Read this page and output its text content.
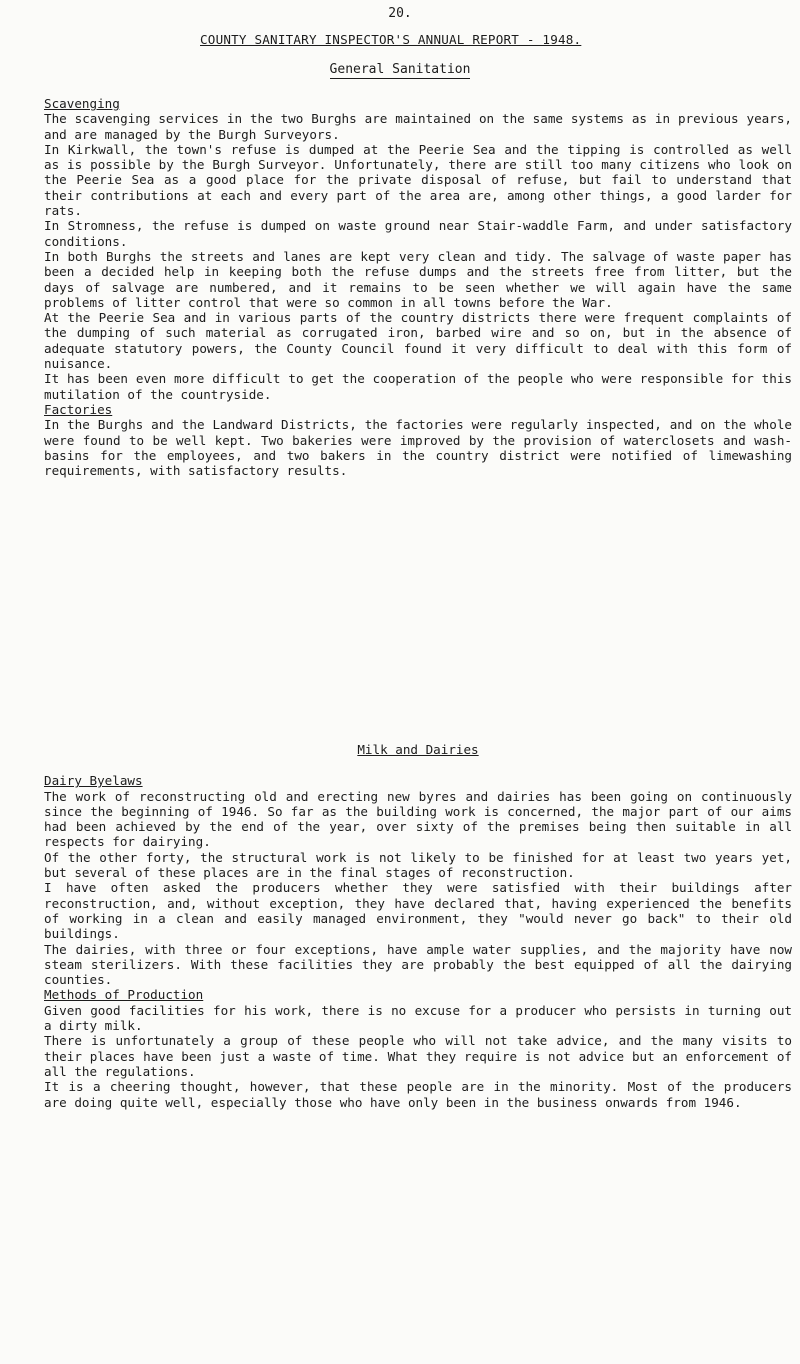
20.
COUNTY SANITARY INSPECTOR'S ANNUAL REPORT - 1948.
General Sanitation
Scavenging

The scavenging services in the two Burghs are maintained on the same systems as in previous years, and are managed by the Burgh Surveyors.

In Kirkwall, the town's refuse is dumped at the Peerie Sea and the tipping is controlled as well as is possible by the Burgh Surveyor. Unfortunately, there are still too many citizens who look on the Peerie Sea as a good place for the private disposal of refuse, but fail to understand that their contributions at each and every part of the area are, among other things, a good larder for rats.

In Stromness, the refuse is dumped on waste ground near Stair-waddle Farm, and under satisfactory conditions.

In both Burghs the streets and lanes are kept very clean and tidy. The salvage of waste paper has been a decided help in keeping both the refuse dumps and the streets free from litter, but the days of salvage are numbered, and it remains to be seen whether we will again have the same problems of litter control that were so common in all towns before the War.

At the Peerie Sea and in various parts of the country districts there were frequent complaints of the dumping of such material as corrugated iron, barbed wire and so on, but in the absence of adequate statutory powers, the County Council found it very difficult to deal with this form of nuisance.

It has been even more difficult to get the cooperation of the people who were responsible for this mutilation of the countryside.

Factories

In the Burghs and the Landward Districts, the factories were regularly inspected, and on the whole were found to be well kept. Two bakeries were improved by the provision of waterclosets and wash-basins for the employees, and two bakers in the country district were notified of limewashing requirements, with satisfactory results.

Milk and Dairies
Dairy Byelaws

The work of reconstructing old and erecting new byres and dairies has been going on continuously since the beginning of 1946. So far as the building work is concerned, the major part of our aims had been achieved by the end of the year, over sixty of the premises being then suitable in all respects for dairying.

Of the other forty, the structural work is not likely to be finished for at least two years yet, but several of these places are in the final stages of reconstruction.

I have often asked the producers whether they were satisfied with their buildings after reconstruction, and, without exception, they have declared that, having experienced the benefits of working in a clean and easily managed environment, they "would never go back" to their old buildings.

The dairies, with three or four exceptions, have ample water supplies, and the majority have now steam sterilizers. With these facilities they are probably the best equipped of all the dairying counties.

Methods of Production

Given good facilities for his work, there is no excuse for a producer who persists in turning out a dirty milk.

There is unfortunately a group of these people who will not take advice, and the many visits to their places have been just a waste of time. What they require is not advice but an enforcement of all the regulations.

It is a cheering thought, however, that these people are in the minority. Most of the producers are doing quite well, especially those who have only been in the business onwards from 1946.
